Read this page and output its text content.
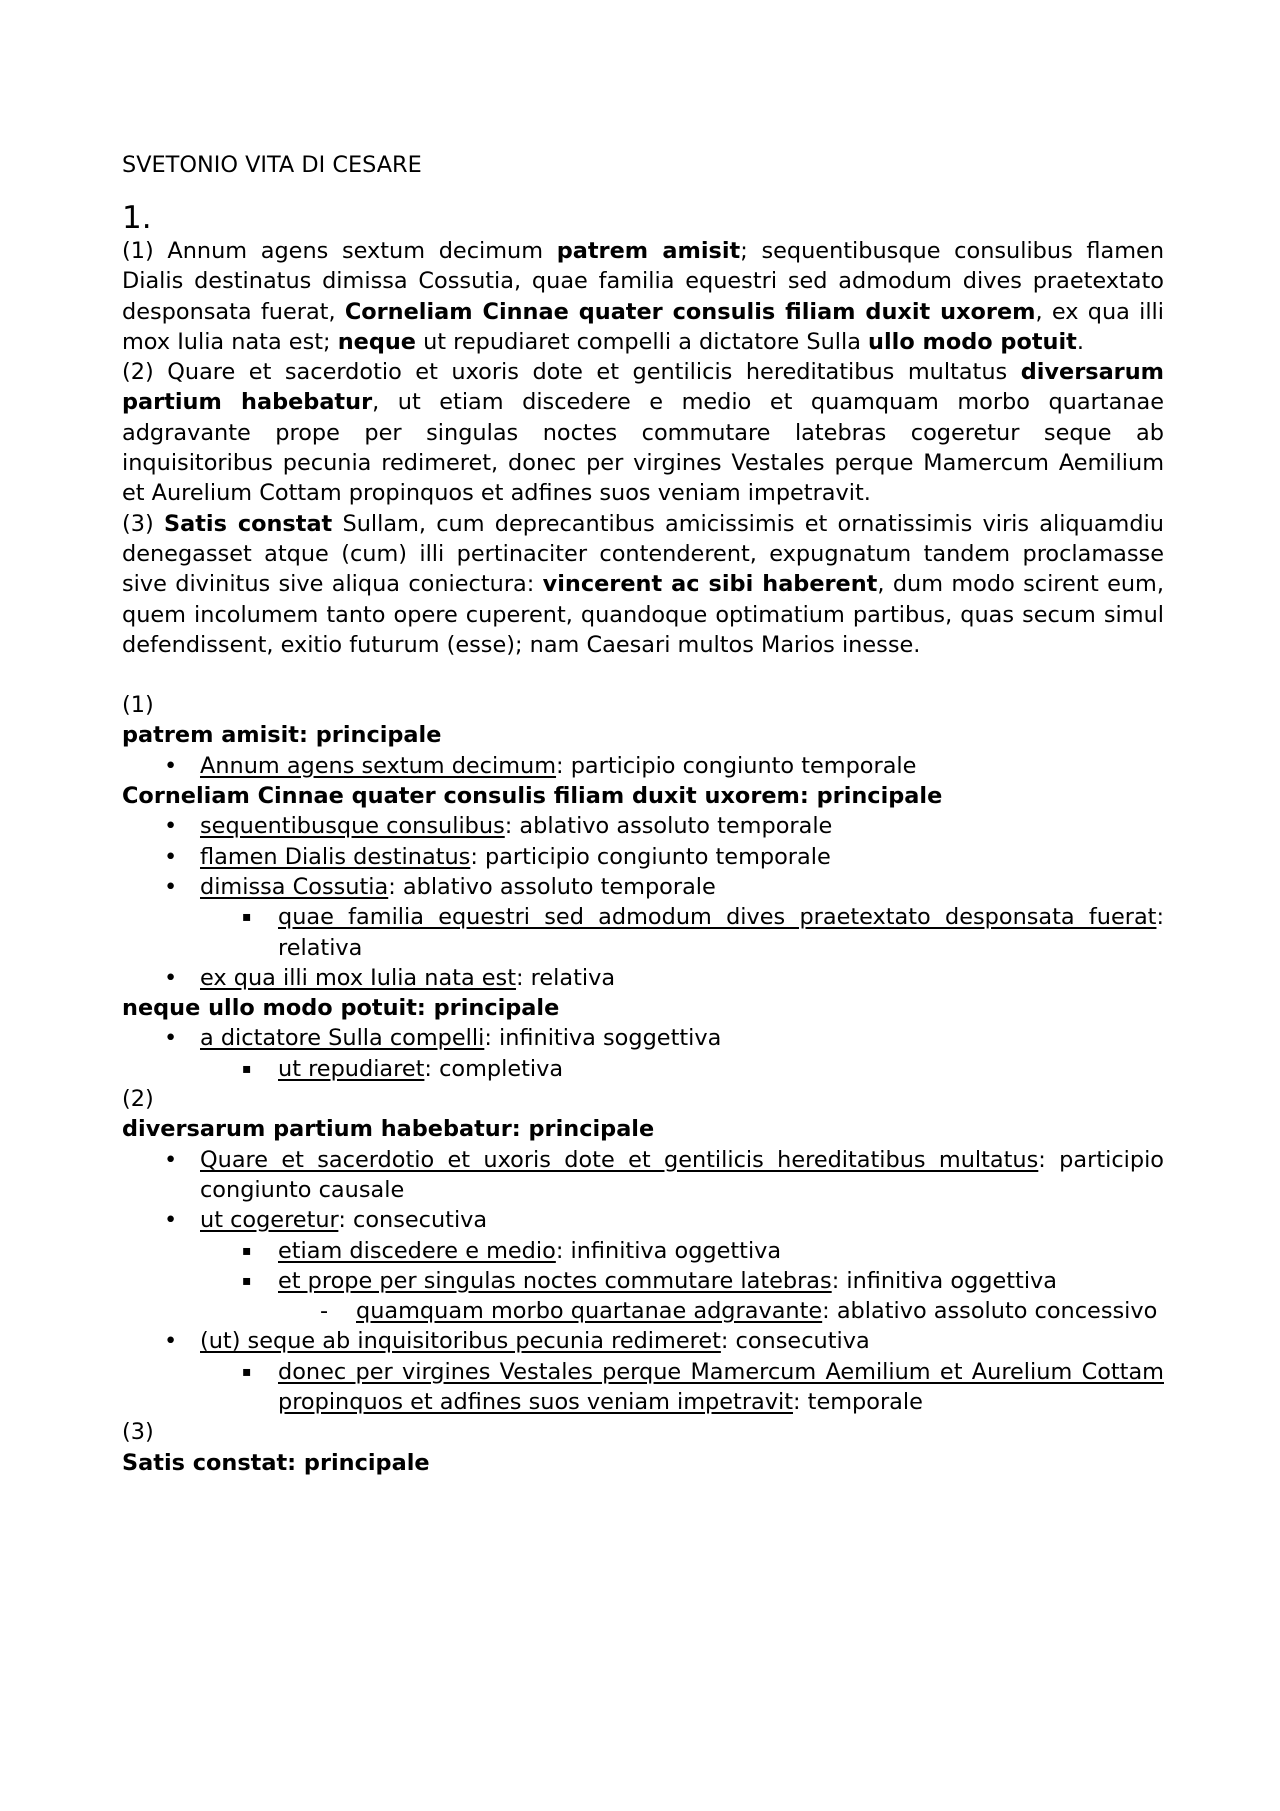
SVETONIO VITA DI CESARE

1.

(1) Annum agens sextum decimum patrem amisit; sequentibusque consulibus flamen Dialis destinatus dimissa Cossutia, quae familia equestri sed admodum dives praetextato desponsata fuerat, Corneliam Cinnae quater consulis filiam duxit uxorem, ex qua illi mox Iulia nata est; neque ut repudiaret compelli a dictatore Sulla ullo modo potuit.

(2) Quare et sacerdotio et uxoris dote et gentilicis hereditatibus multatus diversarum partium habebatur, ut etiam discedere e medio et quamquam morbo quartanae adgravante prope per singulas noctes commutare latebras cogeretur seque ab inquisitoribus pecunia redimeret, donec per virgines Vestales perque Mamercum Aemilium et Aurelium Cottam propinquos et adfines suos veniam impetravit.

(3) Satis constat Sullam, cum deprecantibus amicissimis et ornatissimis viris aliquamdiu denegasset atque (cum) illi pertinaciter contenderent, expugnatum tandem proclamasse sive divinitus sive aliqua coniectura: vincerent ac sibi haberent, dum modo scirent eum, quem incolumem tanto opere cuperent, quandoque optimatium partibus, quas secum simul defendissent, exitio futurum (esse); nam Caesari multos Marios inesse.

(1)

patrem amisit: principale

• Annum agens sextum decimum: participio congiunto temporale

Corneliam Cinnae quater consulis filiam duxit uxorem: principale

• sequentibusque consulibus: ablativo assoluto temporale
• flamen Dialis destinatus: participio congiunto temporale
• dimissa Cossutia: ablativo assoluto temporale
▪ quae familia equestri sed admodum dives praetextato desponsata fuerat: relativa
• ex qua illi mox Iulia nata est: relativa

neque ullo modo potuit: principale

• a dictatore Sulla compelli: infinitiva soggettiva
▪ ut repudiaret: completiva

(2)

diversarum partium habebatur: principale

• Quare et sacerdotio et uxoris dote et gentilicis hereditatibus multatus: participio congiunto causale
• ut cogeretur: consecutiva
▪ etiam discedere e medio: infinitiva oggettiva
▪ et prope per singulas noctes commutare latebras: infinitiva oggettiva
- quamquam morbo quartanae adgravante: ablativo assoluto concessivo
• (ut) seque ab inquisitoribus pecunia redimeret: consecutiva
▪ donec per virgines Vestales perque Mamercum Aemilium et Aurelium Cottam propinquos et adfines suos veniam impetravit: temporale

(3)

Satis constat: principale
